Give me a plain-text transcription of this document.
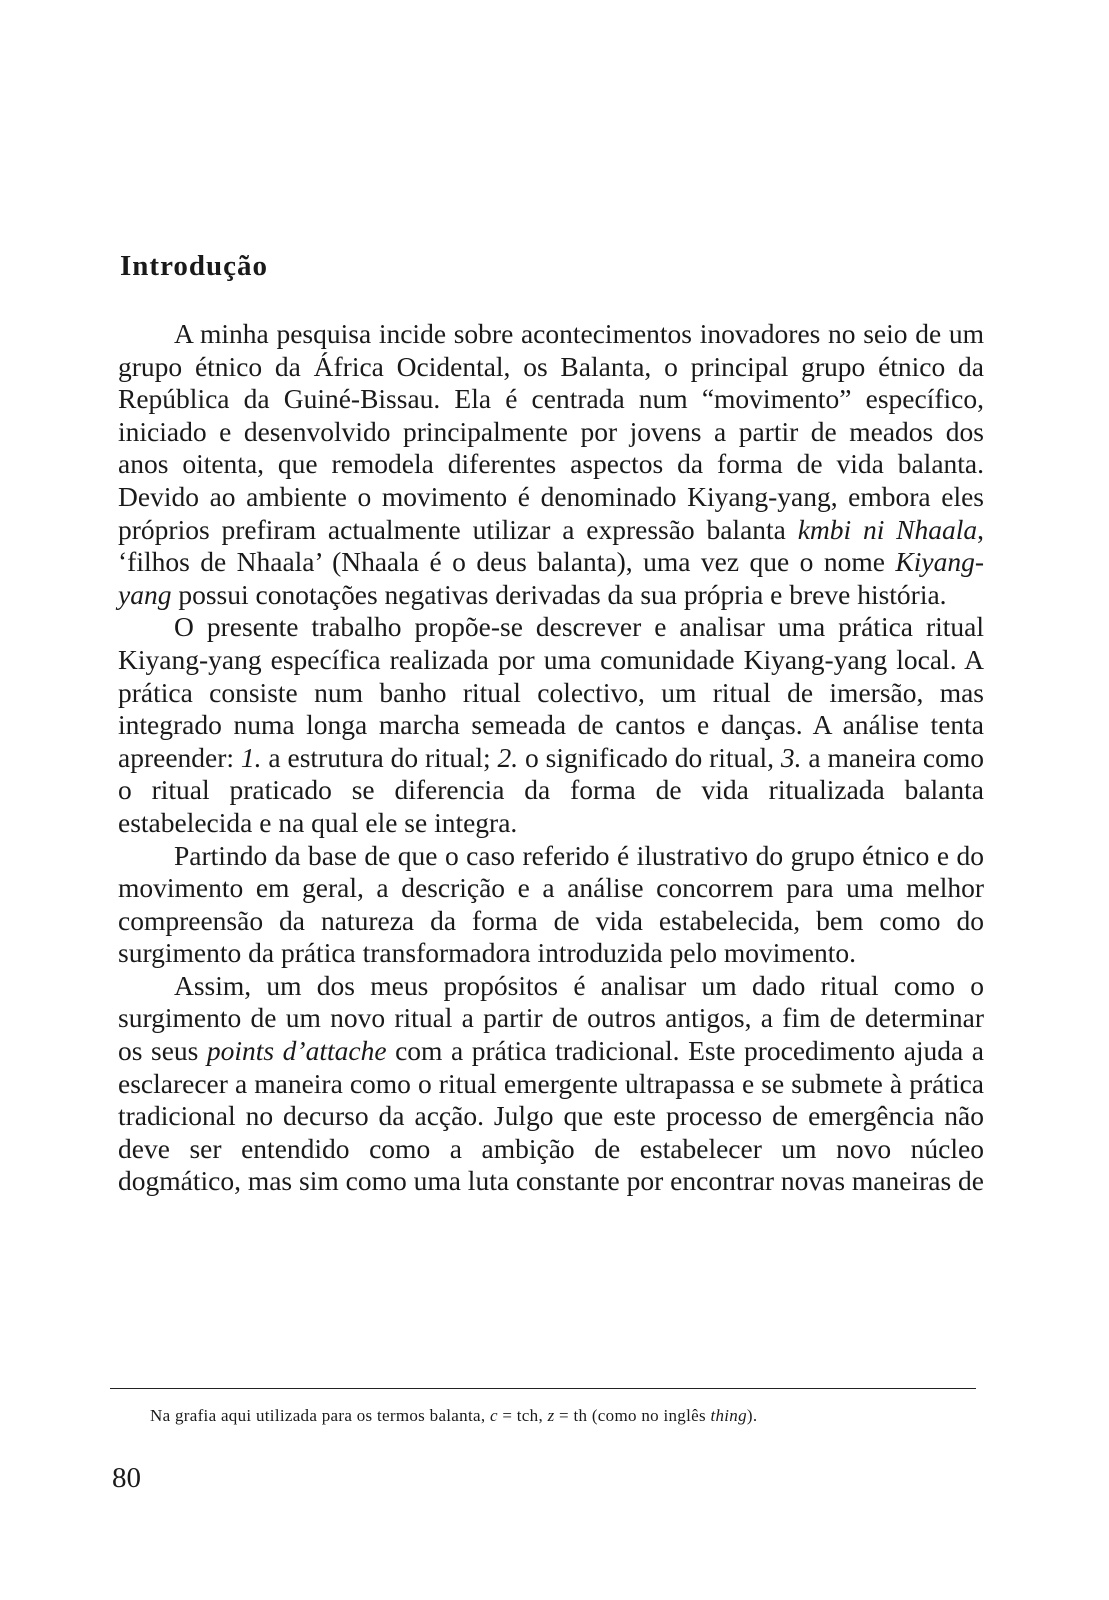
Introdução

A minha pesquisa incide sobre acontecimentos inovadores no seio de um grupo étnico da África Ocidental, os Balanta, o principal grupo étnico da República da Guiné-Bissau. Ela é centrada num “movimento” específico, iniciado e desenvolvido principalmente por jovens a partir de meados dos anos oitenta, que remodela diferentes aspectos da forma de vida balanta. Devido ao ambiente o movimento é denominado Kiyang-yang, embora eles próprios prefiram actualmente utilizar a expressão balanta kmbi ni Nhaala, ‘filhos de Nhaala’ (Nhaala é o deus balanta), uma vez que o nome Kiyang-yang possui conotações negativas derivadas da sua própria e breve história.

O presente trabalho propõe-se descrever e analisar uma prática ritual Kiyang-yang específica realizada por uma comunidade Kiyang-yang local. A prática consiste num banho ritual colectivo, um ritual de imersão, mas integrado numa longa marcha semeada de cantos e danças. A análise tenta apreender: 1. a estrutura do ritual; 2. o significado do ritual, 3. a maneira como o ritual praticado se diferencia da forma de vida ritualizada balanta estabelecida e na qual ele se integra.

Partindo da base de que o caso referido é ilustrativo do grupo étnico e do movimento em geral, a descrição e a análise concorrem para uma melhor compreensão da natureza da forma de vida estabelecida, bem como do surgimento da prática transformadora introduzida pelo movimento.

Assim, um dos meus propósitos é analisar um dado ritual como o surgimento de um novo ritual a partir de outros antigos, a fim de determinar os seus points d’attache com a prática tradicional. Este procedimento ajuda a esclarecer a maneira como o ritual emergente ultrapassa e se submete à prática tradicional no decurso da acção. Julgo que este processo de emergência não deve ser entendido como a ambição de estabelecer um novo núcleo dogmático, mas sim como uma luta constante por encontrar novas maneiras de

Na grafia aqui utilizada para os termos balanta, c = tch, z = th (como no inglês thing).
80
